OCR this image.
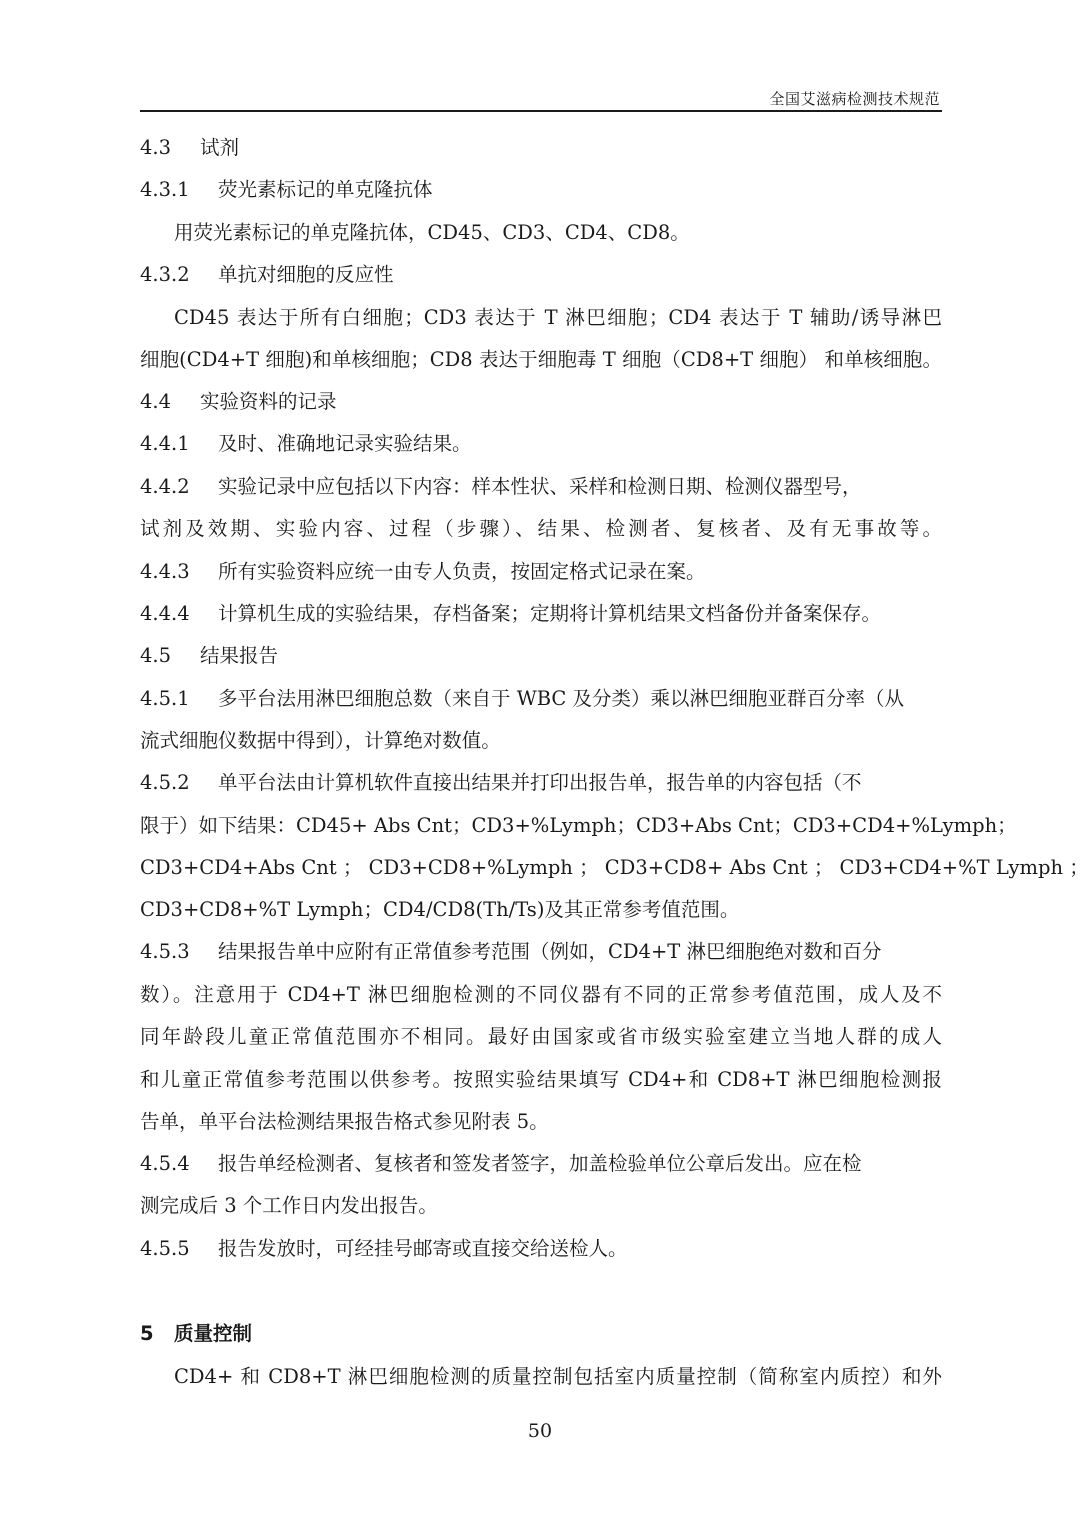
全国艾滋病检测技术规范
4.3 试剂
4.3.1 荧光素标记的单克隆抗体
用荧光素标记的单克隆抗体，CD45、CD3、CD4、CD8。
4.3.2 单抗对细胞的反应性
CD45 表达于所有白细胞；CD3 表达于 T 淋巴细胞；CD4 表达于 T 辅助/诱导淋巴
细胞(CD4+T 细胞)和单核细胞；CD8 表达于细胞毒 T 细胞（CD8+T 细胞） 和单核细胞。
4.4 实验资料的记录
4.4.1 及时、准确地记录实验结果。
4.4.2 实验记录中应包括以下内容：样本性状、采样和检测日期、检测仪器型号，
试剂及效期、实验内容、过程（步骤）、结果、检测者、复核者、及有无事故等。
4.4.3 所有实验资料应统一由专人负责，按固定格式记录在案。
4.4.4 计算机生成的实验结果，存档备案；定期将计算机结果文档备份并备案保存。
4.5 结果报告
4.5.1 多平台法用淋巴细胞总数（来自于 WBC 及分类）乘以淋巴细胞亚群百分率（从
流式细胞仪数据中得到），计算绝对数值。
4.5.2 单平台法由计算机软件直接出结果并打印出报告单，报告单的内容包括（不
限于）如下结果：CD45+ Abs Cnt；CD3+%Lymph；CD3+Abs Cnt；CD3+CD4+%Lymph；
CD3+CD4+Abs Cnt ； CD3+CD8+%Lymph ； CD3+CD8+ Abs Cnt ； CD3+CD4+%T Lymph ；
CD3+CD8+%T Lymph；CD4/CD8(Th/Ts)及其正常参考值范围。
4.5.3 结果报告单中应附有正常值参考范围（例如，CD4+T 淋巴细胞绝对数和百分
数）。注意用于 CD4+T 淋巴细胞检测的不同仪器有不同的正常参考值范围，成人及不
同年龄段儿童正常值范围亦不相同。最好由国家或省市级实验室建立当地人群的成人
和儿童正常值参考范围以供参考。按照实验结果填写 CD4+和 CD8+T 淋巴细胞检测报
告单，单平台法检测结果报告格式参见附表 5。
4.5.4 报告单经检测者、复核者和签发者签字，加盖检验单位公章后发出。应在检
测完成后 3 个工作日内发出报告。
4.5.5 报告发放时，可经挂号邮寄或直接交给送检人。
5 质量控制
CD4+ 和 CD8+T 淋巴细胞检测的质量控制包括室内质量控制（简称室内质控）和外
50
